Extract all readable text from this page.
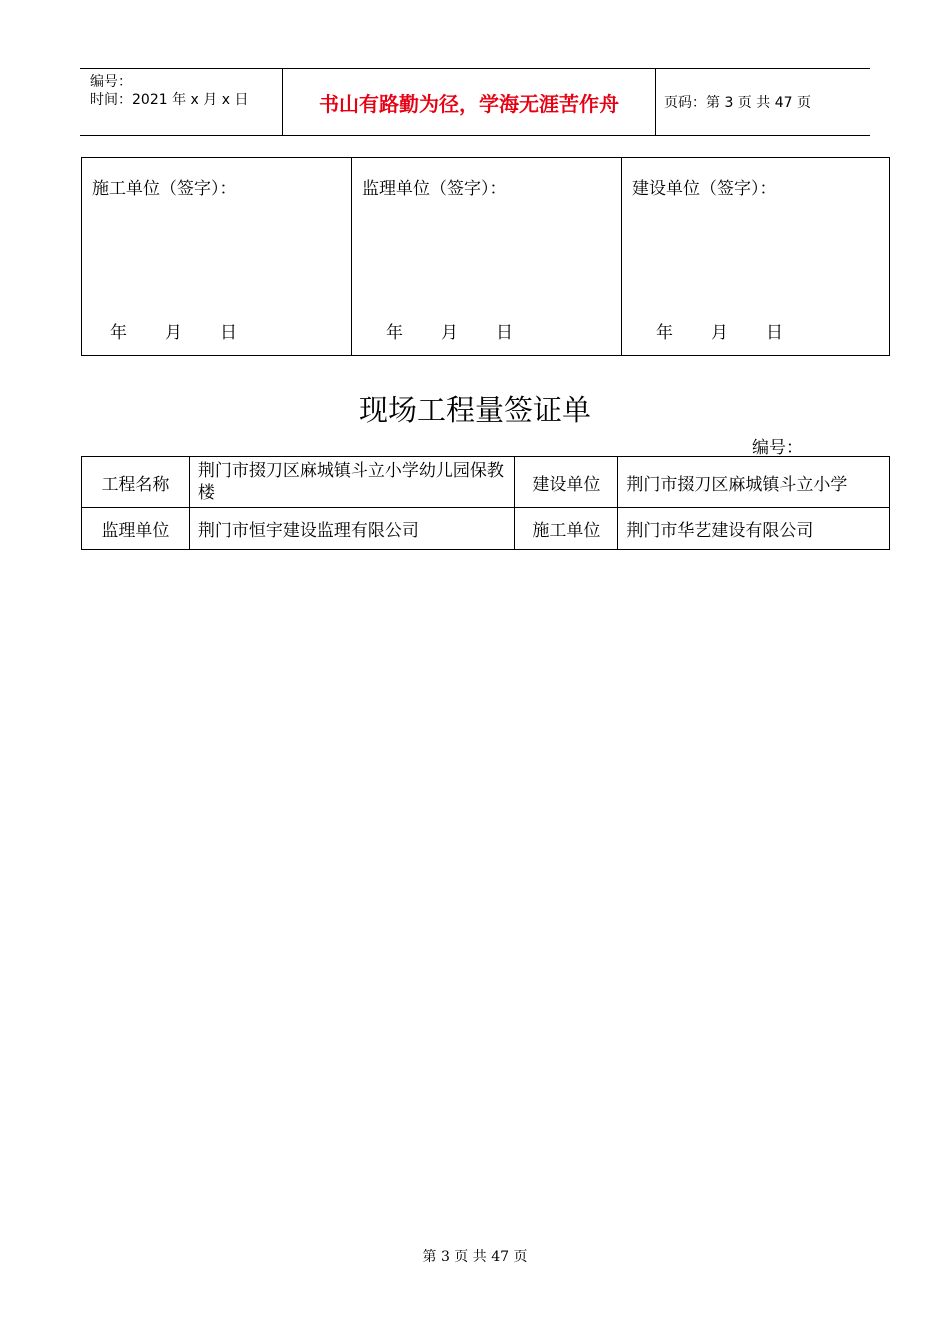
编号：
时间：2021 年 x 月 x 日	书山有路勤为径，学海无涯苦作舟	页码：第 3 页 共 47 页
施工单位（签字）：
年 月 日
监理单位（签字）：
年 月 日
建设单位（签字）：
年 月 日
现场工程量签证单
编号：
工程名称	荆门市掇刀区麻城镇斗立小学幼儿园保教楼	建设单位	荆门市掇刀区麻城镇斗立小学
监理单位	荆门市恒宇建设监理有限公司	施工单位	荆门市华艺建设有限公司
第 3 页 共 47 页
